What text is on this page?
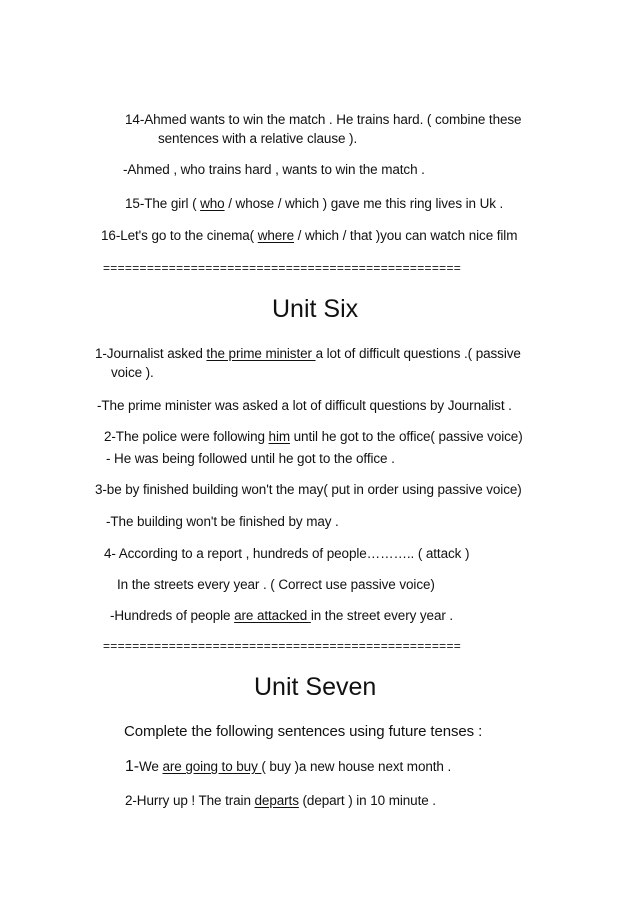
14-Ahmed wants to win the match . He trains hard. ( combine these
sentences with a relative clause ).
-Ahmed , who trains hard , wants to win the match .
15-The girl ( who / whose / which ) gave me this ring lives in Uk .
16-Let's go to the cinema( where / which / that )you can watch nice film
=================================================
Unit Six
1-Journalist asked the prime minister a lot of difficult questions .( passive
voice ).
-The prime minister was asked a lot of difficult questions by Journalist .
2-The police were following him until he got to the office( passive voice)
- He was being followed until he got to the office .
3-be by finished building won't the may( put in order using passive voice)
-The building won't be finished by may .
4- According to a report , hundreds of people……….. ( attack )
In the streets every year . ( Correct use passive voice)
-Hundreds of people are attacked in the street every year .
=================================================
Unit Seven
Complete the following sentences using future tenses :
1-We are going to buy ( buy )a new house next month .
2-Hurry up ! The train departs (depart ) in 10 minute .
